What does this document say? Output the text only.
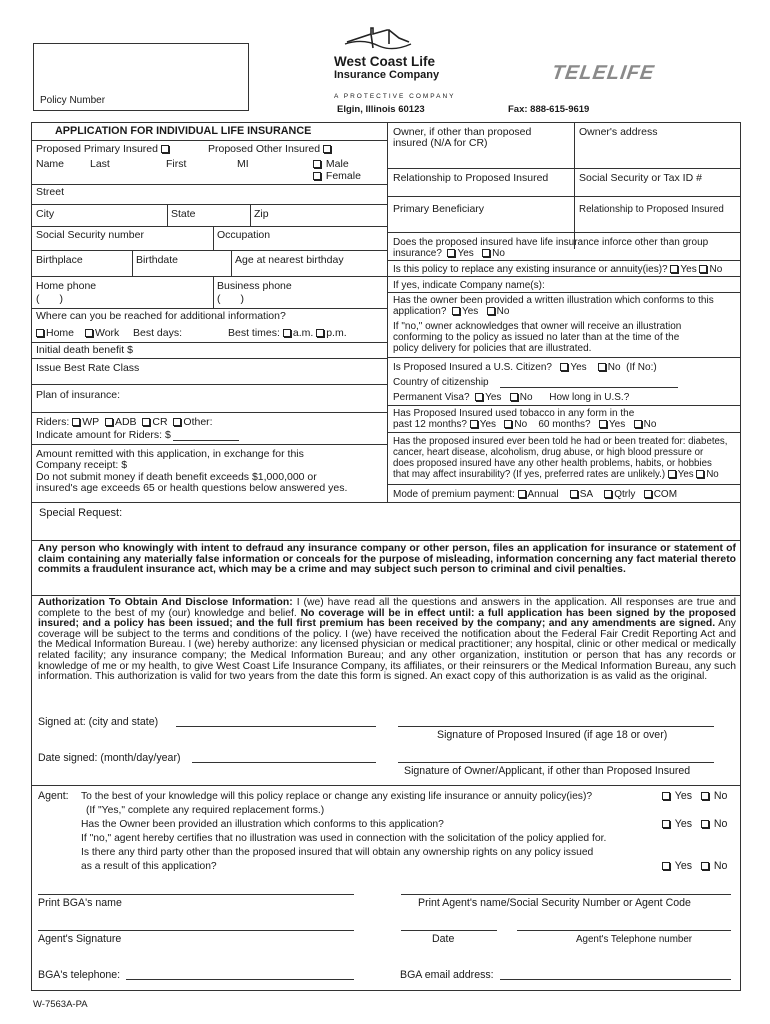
Policy Number
West Coast Life
Insurance Company
A PROTECTIVE COMPANY
Elgin, Illinois 60123
TELELIFE
Fax: 888-615-9619
APPLICATION FOR INDIVIDUAL LIFE INSURANCE
Proposed Primary Insured	Proposed Other Insured
Name Last	First	MI	Male
Female
Street
City	State	Zip
Social Security number	Occupation
Birthplace	Birthdate	Age at nearest birthday
Home phone	Business phone
( )	( )
Where can you be reached for additional information?
Home	Work Best days:	Best times: a.m. p.m.
Initial death benefit $
Issue Best Rate Class
Plan of insurance:
Riders: WP ADB CR Other:
Indicate amount for Riders: $
Amount remitted with this application, in exchange for this
Company receipt: $
Do not submit money if death benefit exceeds $1,000,000 or
insured's age exceeds 65 or health questions below answered yes.
Owner, if other than proposed
insured (N/A for CR)
Owner's address
Relationship to Proposed Insured	Social Security or Tax ID #
Primary Beneficiary	Relationship to Proposed Insured
Does the proposed insured have life insurance inforce other than group
insurance? Yes No
Is this policy to replace any existing insurance or annuity(ies)? Yes No
If yes, indicate Company name(s):
Has the owner been provided a written illustration which conforms to this
application? Yes No
If "no," owner acknowledges that owner will receive an illustration
conforming to the policy as issued no later than at the time of the
policy delivery for policies that are illustrated.
Is Proposed Insured a U.S. Citizen? Yes No (If No:)
Country of citizenship
Permanent Visa? Yes No How long in U.S.?
Has Proposed Insured used tobacco in any form in the
past 12 months? Yes No 60 months? Yes No
Has the proposed insured ever been told he had or been treated for: diabetes,
cancer, heart disease, alcoholism, drug abuse, or high blood pressure or
does proposed insured have any other health problems, habits, or hobbies
that may affect insurability? (If yes, preferred rates are unlikely.) Yes No
Mode of premium payment: Annual SA Qtrly COM
Special Request:
Any person who knowingly with intent to defraud any insurance company or other person, files an application for insurance or statement of claim containing any materially false information or conceals for the purpose of misleading, information concerning any fact material thereto commits a fraudulent insurance act, which may be a crime and may subject such person to criminal and civil penalties.
Authorization To Obtain And Disclose Information: I (we) have read all the questions and answers in the application. All responses are true and complete to the best of my (our) knowledge and belief. No coverage will be in effect until: a full application has been signed by the proposed insured; and a policy has been issued; and the full first premium has been received by the company; and any amendments are signed. Any coverage will be subject to the terms and conditions of the policy. I (we) have received the notification about the Federal Fair Credit Reporting Act and the Medical Information Bureau. I (we) hereby authorize: any licensed physician or medical practitioner; any hospital, clinic or other medical or medically related facility; any insurance company; the Medical Information Bureau; and any other organization, institution or person that has any records or knowledge of me or my health, to give West Coast Life Insurance Company, its affiliates, or their reinsurers or the Medical Information Bureau, any such information. This authorization is valid for two years from the date this form is signed. An exact copy of this authorization is as valid as the original.
Signed at: (city and state)
Signature of Proposed Insured (if age 18 or over)
Date signed: (month/day/year)
Signature of Owner/Applicant, if other than Proposed Insured
Agent: To the best of your knowledge will this policy replace or change any existing life insurance or annuity policy(ies)?	Yes No
(If "Yes," complete any required replacement forms.)
Has the Owner been provided an illustration which conforms to this application?	Yes No
If "no," agent hereby certifies that no illustration was used in connection with the solicitation of the policy applied for.
Is there any third party other than the proposed insured that will obtain any ownership rights on any policy issued
as a result of this application?	Yes No
Print BGA's name	Print Agent's name/Social Security Number or Agent Code
Agent's Signature	Date	Agent's Telephone number
BGA's telephone:	BGA email address:
W-7563A-PA
